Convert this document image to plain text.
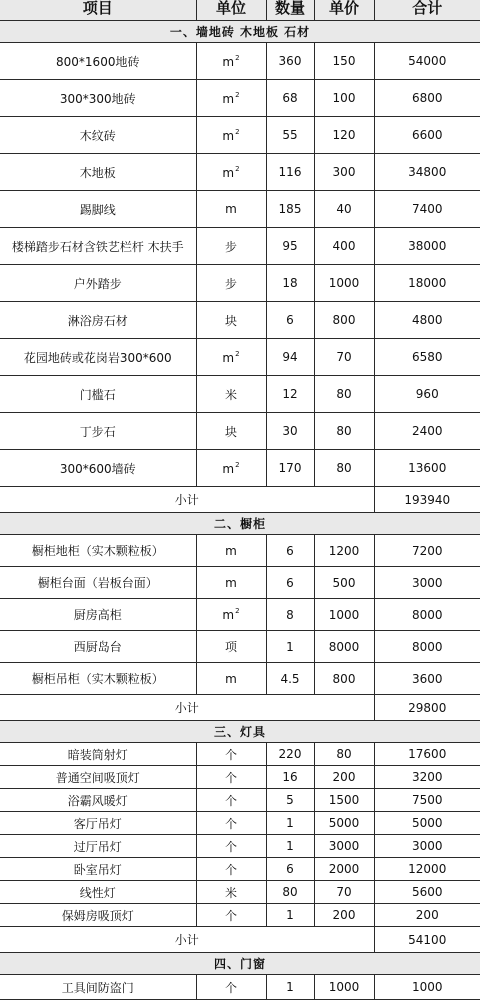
项目	单位	数量	单价	合计
一、墙地砖 木地板 石材				
800*1600地砖	$m^2$	360	150	54000
300*300地砖	$m^2$	68	100	6800
木纹砖	$m^2$	55	120	6600
木地板	$m^2$	116	300	34800
踢脚线	m	185	40	7400
楼梯踏步石材含铁艺栏杆 木扶手	步	95	400	38000
户外踏步	步	18	1000	18000
淋浴房石材	块	6	800	4800
花园地砖或花岗岩300*600	$m^2$	94	70	6580
门槛石	米	12	80	960
丁步石	块	30	80	2400
300*600墙砖	$m^2$	170	80	13600
小计				193940
二、橱柜				
橱柜地柜（实木颗粒板）	m	6	1200	7200
橱柜台面（岩板台面）	m	6	500	3000
厨房高柜	$m^2$	8	1000	8000
西厨岛台	项	1	8000	8000
橱柜吊柜（实木颗粒板）	m	4.5	800	3600
小计				29800
三、灯具				
暗装筒射灯	个	220	80	17600
普通空间吸顶灯	个	16	200	3200
浴霸风暖灯	个	5	1500	7500
客厅吊灯	个	1	5000	5000
过厅吊灯	个	1	3000	3000
卧室吊灯	个	6	2000	12000
线性灯	米	80	70	5600
保姆房吸顶灯	个	1	200	200
小计				54100
四、门窗				
工具间防盗门	个	1	1000	1000
